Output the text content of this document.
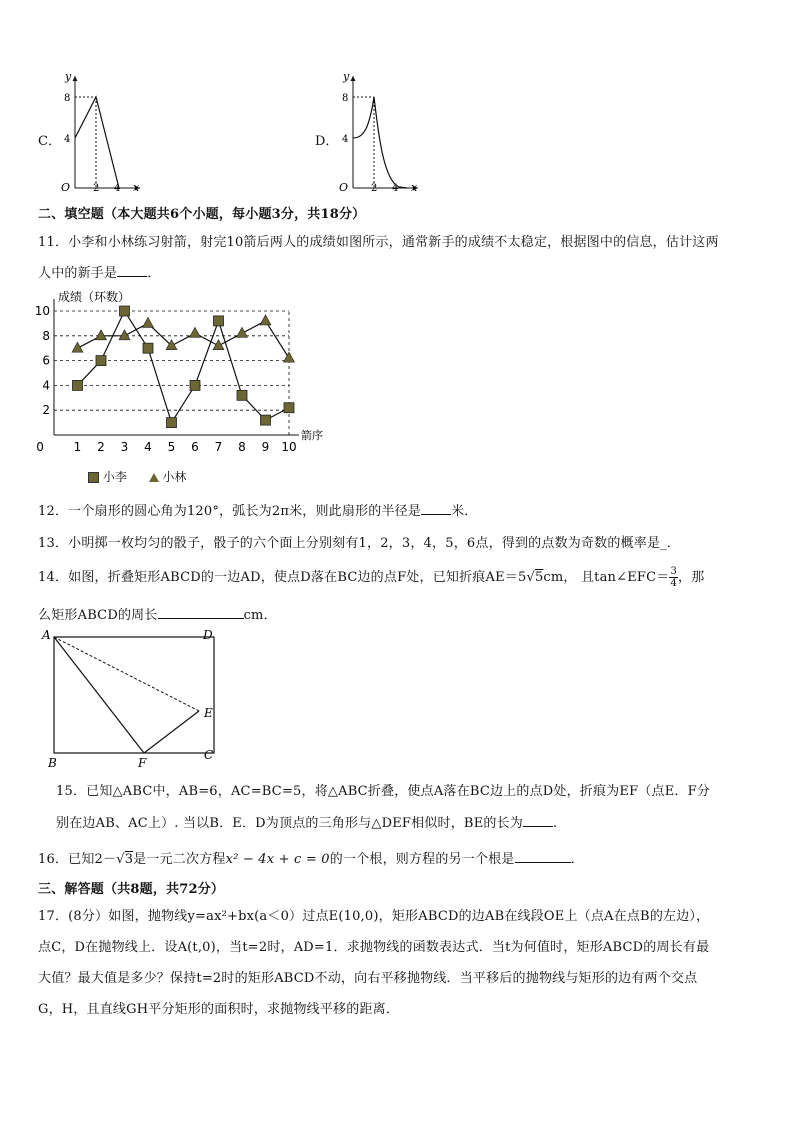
C．
y
x
O
8
4
2 4
D．
y
x
O
8
4
2 4
二、填空题（本大题共6个小题，每小题3分，共18分）
11．小李和小林练习射箭，射完10箭后两人的成绩如图所示，通常新手的成绩不太稳定，根据图中的信息，估计这两
人中的新手是 ．
成绩（环数）
箭序
2
4
6
8
10
0 1 2 3 4 5 6 7 8 9 10
小李	小林
12．一个扇形的圆心角为120°，弧长为2π米，则此扇形的半径是 米．
13．小明掷一枚均匀的骰子，骰子的六个面上分别刻有1，2，3，4，5，6点，得到的点数为奇数的概率是_．
14．如图，折叠矩形ABCD的一边AD，使点D落在BC边的点F处，已知折痕AE＝5√5cm， 且tan∠EFC＝ $\frac{3}{4}$ ，那
么矩形ABCD的周长	cm．
A	D
E
B	F
C
15．已知△ABC中，AB=6，AC=BC=5，将△ABC折叠，使点A落在BC边上的点D处，折痕为EF（点E．F分
别在边AB、AC上）. 当以B．E．D为顶点的三角形与△DEF相似时，BE的长为 .
16．已知2－√3是一元二次方程x² − 4x + c = 0的一个根，则方程的另一个根是	．
三、解答题（共8题，共72分）
17．(8分）如图，抛物线y=ax²+bx(a＜0）过点E(10,0)，矩形ABCD的边AB在线段OE上（点A在点B的左边），
点C，D在抛物线上．设A(t,0)，当t=2时，AD=1．求抛物线的函数表达式．当t为何值时，矩形ABCD的周长有最
大值？最大值是多少？保持t=2时的矩形ABCD不动，向右平移抛物线．当平移后的抛物线与矩形的边有两个交点
G，H，且直线GH平分矩形的面积时，求抛物线平移的距离．
